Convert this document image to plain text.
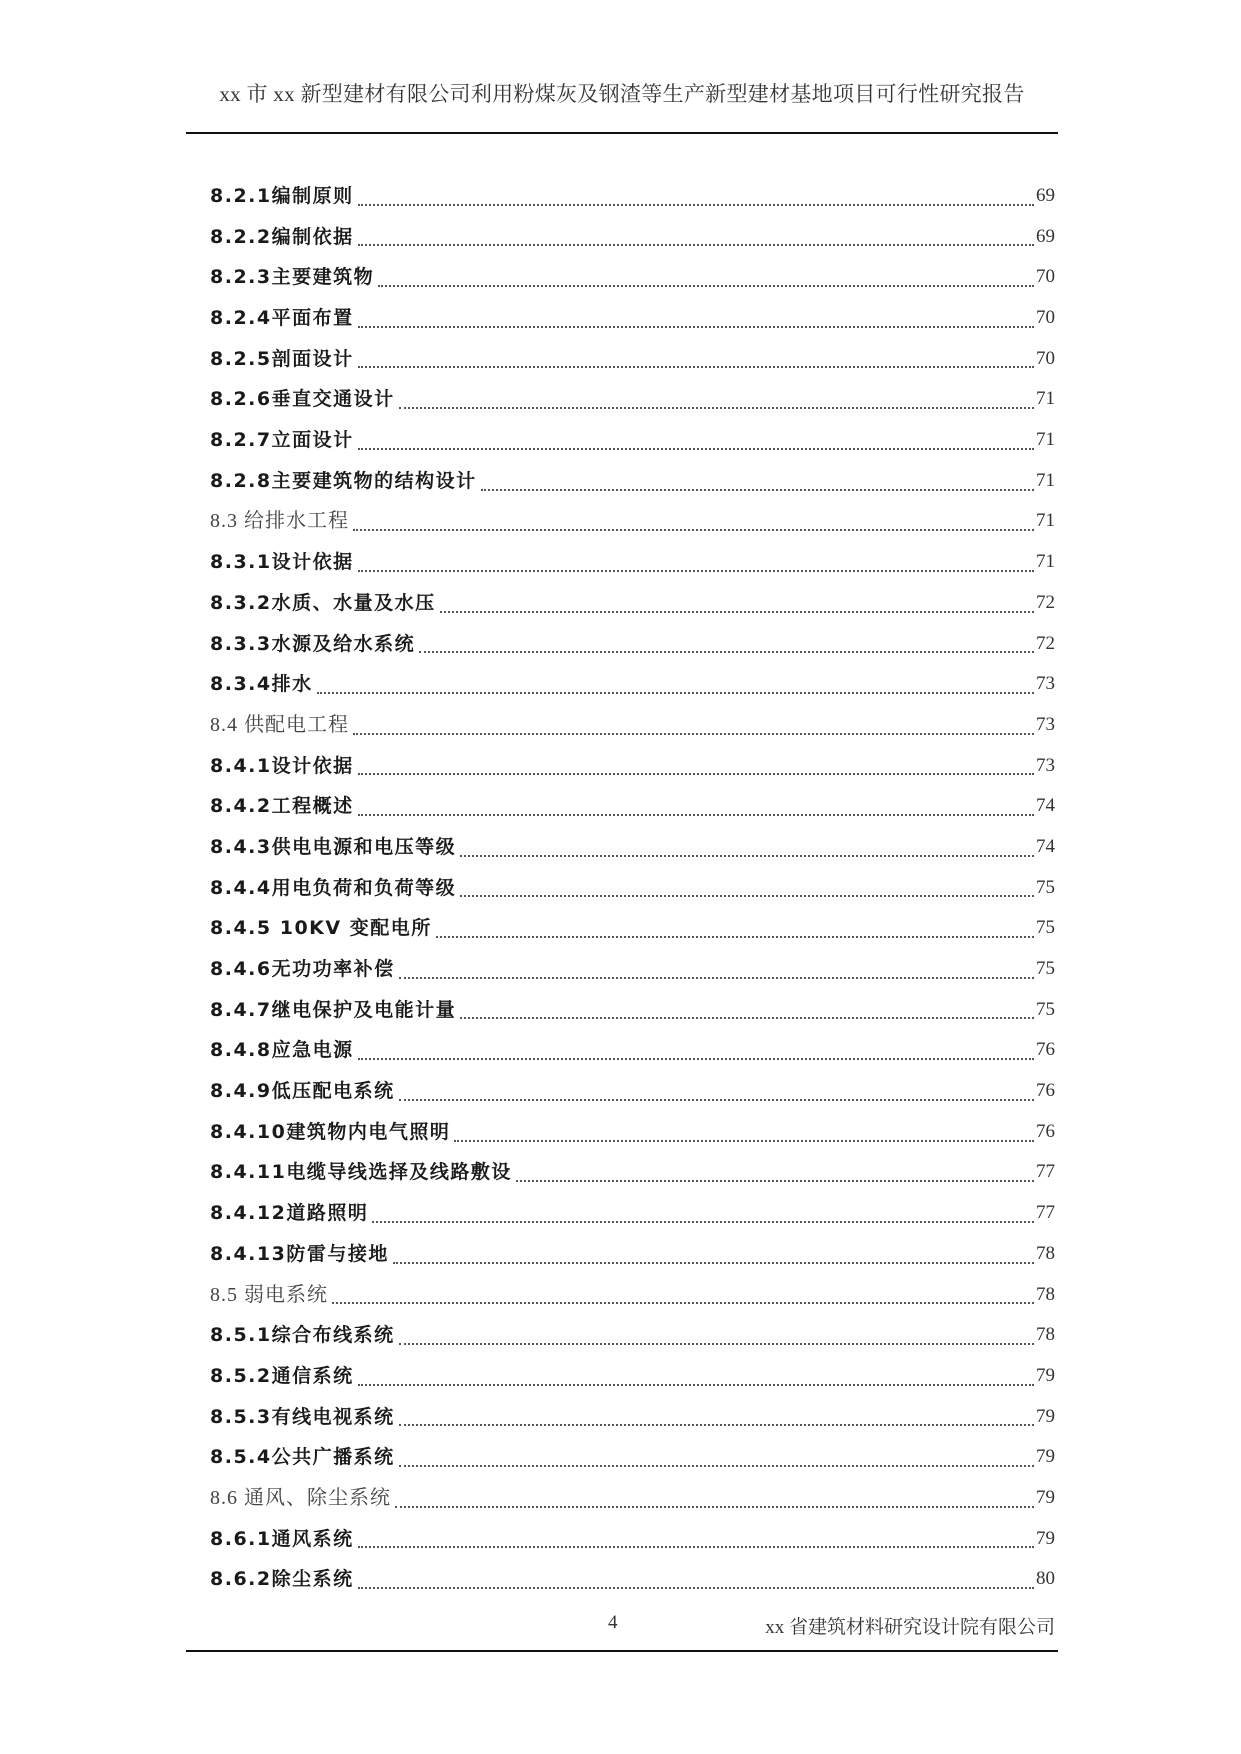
xx 市 xx 新型建材有限公司利用粉煤灰及钢渣等生产新型建材基地项目可行性研究报告
8.2.1 编制原则	69
8.2.2 编制依据	69
8.2.3 主要建筑物	70
8.2.4 平面布置	70
8.2.5 剖面设计	70
8.2.6 垂直交通设计	71
8.2.7 立面设计	71
8.2.8 主要建筑物的结构设计	71
8.3 给排水工程	71
8.3.1 设计依据	71
8.3.2 水质、水量及水压	72
8.3.3 水源及给水系统	72
8.3.4 排水	73
8.4 供配电工程	73
8.4.1 设计依据	73
8.4.2 工程概述	74
8.4.3 供电电源和电压等级	74
8.4.4 用电负荷和负荷等级	75
8.4.5 10KV 变配电所	75
8.4.6 无功功率补偿	75
8.4.7 继电保护及电能计量	75
8.4.8 应急电源	76
8.4.9 低压配电系统	76
8.4.10 建筑物内电气照明	76
8.4.11 电缆导线选择及线路敷设	77
8.4.12 道路照明	77
8.4.13 防雷与接地	78
8.5 弱电系统	78
8.5.1 综合布线系统	78
8.5.2 通信系统	79
8.5.3 有线电视系统	79
8.5.4 公共广播系统	79
8.6 通风、除尘系统	79
8.6.1 通风系统	79
8.6.2 除尘系统	80
4	xx 省建筑材料研究设计院有限公司
